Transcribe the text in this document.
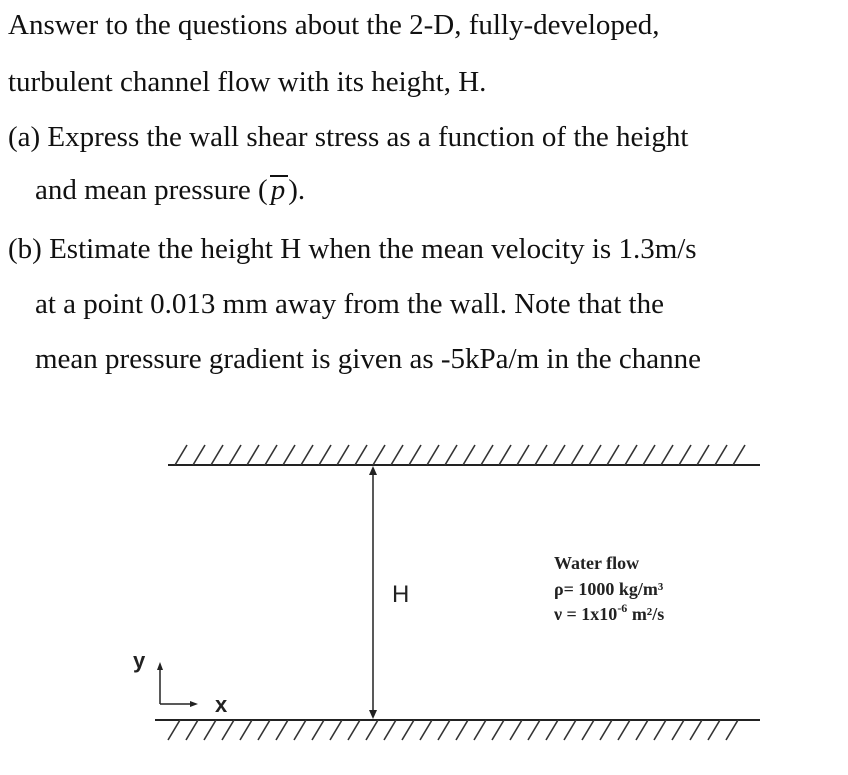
Answer to the questions about the 2-D, fully-developed,
turbulent channel flow with its height, H.
(a) Express the wall shear stress as a function of the height
and mean pressure ( p ).
(b) Estimate the height H when the mean velocity is 1.3m/s
at a point 0.013 mm away from the wall. Note that the
mean pressure gradient is given as -5kPa/m in the channe
H
Water flow
ρ= 1000 kg/m³
$\nu = 1x10^{-6}$ m²/s
y
x
